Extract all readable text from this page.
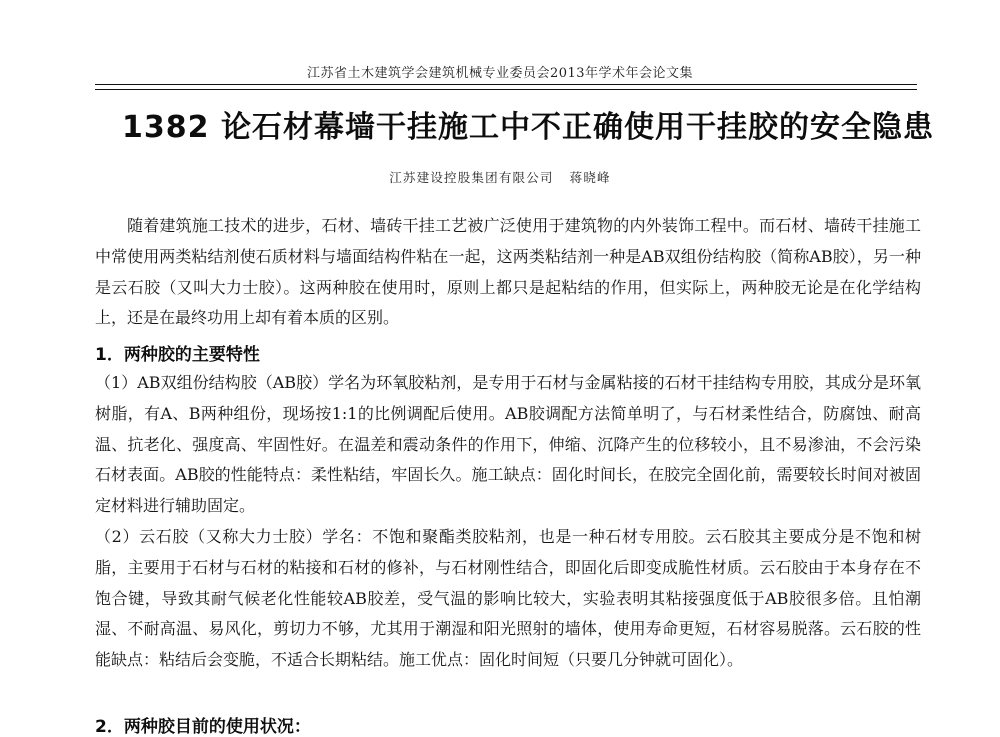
江苏省土木建筑学会建筑机械专业委员会2013年学术年会论文集
1382 论石材幕墙干挂施工中不正确使用干挂胶的安全隐患
江苏建设控股集团有限公司 蒋晓峰

随着建筑施工技术的进步，石材、墙砖干挂工艺被广泛使用于建筑物的内外装饰工程中。而石材、墙砖干挂施工中常使用两类粘结剂使石质材料与墙面结构件粘在一起，这两类粘结剂一种是AB双组份结构胶（简称AB胶），另一种是云石胶（又叫大力士胶）。这两种胶在使用时，原则上都只是起粘结的作用，但实际上，两种胶无论是在化学结构上，还是在最终功用上却有着本质的区别。

1．两种胶的主要特性

（1）AB双组份结构胶（AB胶）学名为环氧胶粘剂，是专用于石材与金属粘接的石材干挂结构专用胶，其成分是环氧树脂，有A、B两种组份，现场按1:1的比例调配后使用。AB胶调配方法简单明了，与石材柔性结合，防腐蚀、耐高温、抗老化、强度高、牢固性好。在温差和震动条件的作用下，伸缩、沉降产生的位移较小，且不易渗油，不会污染石材表面。AB胶的性能特点：柔性粘结，牢固长久。施工缺点：固化时间长，在胶完全固化前，需要较长时间对被固定材料进行辅助固定。

（2）云石胶（又称大力士胶）学名：不饱和聚酯类胶粘剂，也是一种石材专用胶。云石胶其主要成分是不饱和树脂，主要用于石材与石材的粘接和石材的修补，与石材刚性结合，即固化后即变成脆性材质。云石胶由于本身存在不饱合键，导致其耐气候老化性能较AB胶差，受气温的影响比较大，实验表明其粘接强度低于AB胶很多倍。且怕潮湿、不耐高温、易风化，剪切力不够，尤其用于潮湿和阳光照射的墙体，使用寿命更短，石材容易脱落。云石胶的性能缺点：粘结后会变脆，不适合长期粘结。施工优点：固化时间短（只要几分钟就可固化）。

2．两种胶目前的使用状况：
